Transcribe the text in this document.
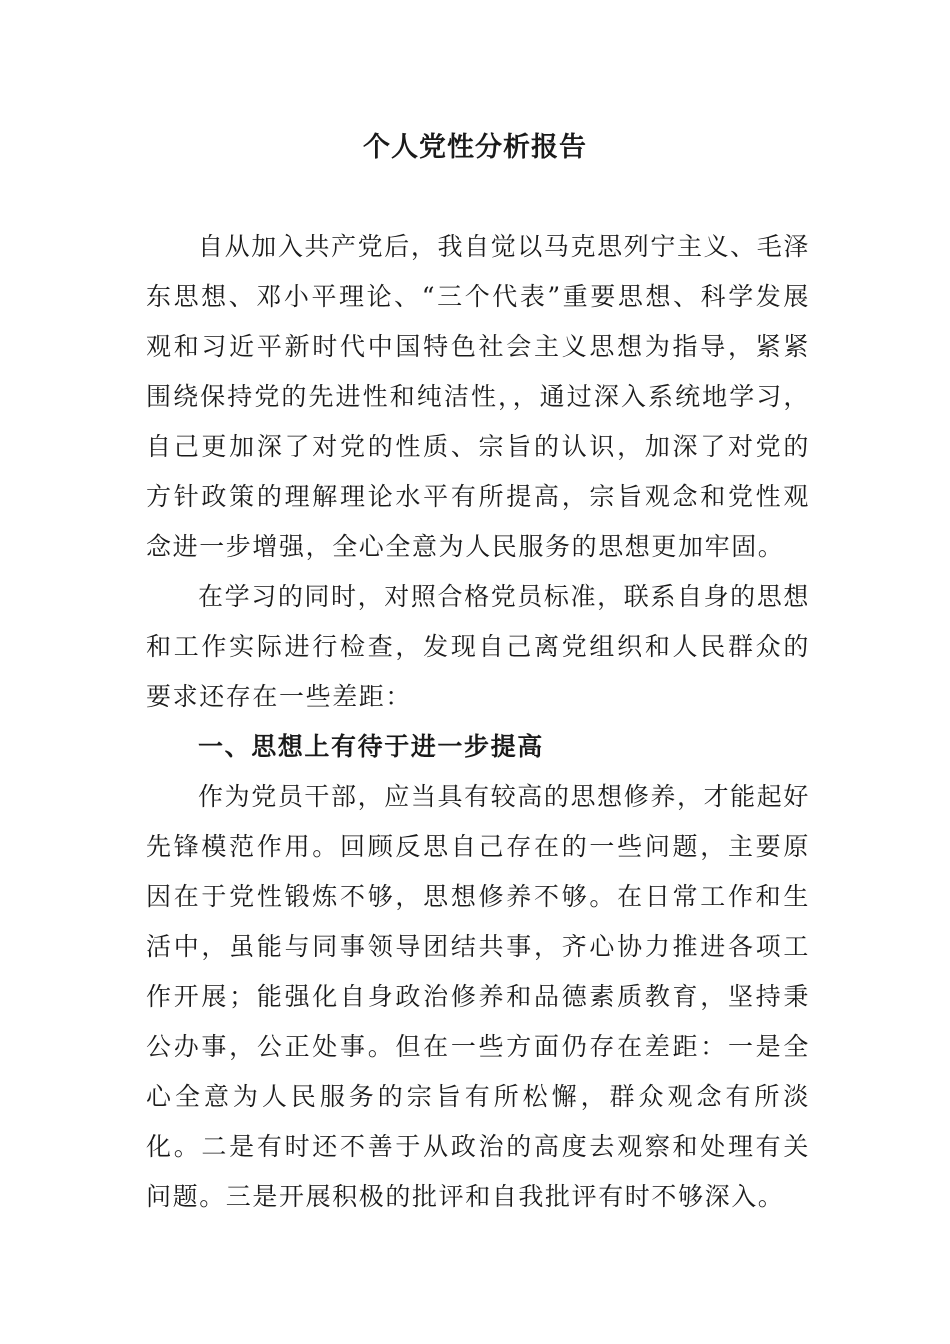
个人党性分析报告

自从加入共产党后，我自觉以马克思列宁主义、毛泽东思想、邓小平理论、“三个代表”重要思想、科学发展观和习近平新时代中国特色社会主义思想为指导，紧紧围绕保持党的先进性和纯洁性，，通过深入系统地学习，自己更加深了对党的性质、宗旨的认识，加深了对党的方针政策的理解理论水平有所提高，宗旨观念和党性观念进一步增强，全心全意为人民服务的思想更加牢固。

在学习的同时，对照合格党员标准，联系自身的思想和工作实际进行检查，发现自己离党组织和人民群众的要求还存在一些差距：

一、思想上有待于进一步提高

作为党员干部，应当具有较高的思想修养，才能起好先锋模范作用。回顾反思自己存在的一些问题，主要原因在于党性锻炼不够，思想修养不够。在日常工作和生活中，虽能与同事领导团结共事，齐心协力推进各项工作开展；能强化自身政治修养和品德素质教育，坚持秉公办事，公正处事。但在一些方面仍存在差距：一是全心全意为人民服务的宗旨有所松懈，群众观念有所淡化。二是有时还不善于从政治的高度去观察和处理有关问题。三是开展积极的批评和自我批评有时不够深入。
